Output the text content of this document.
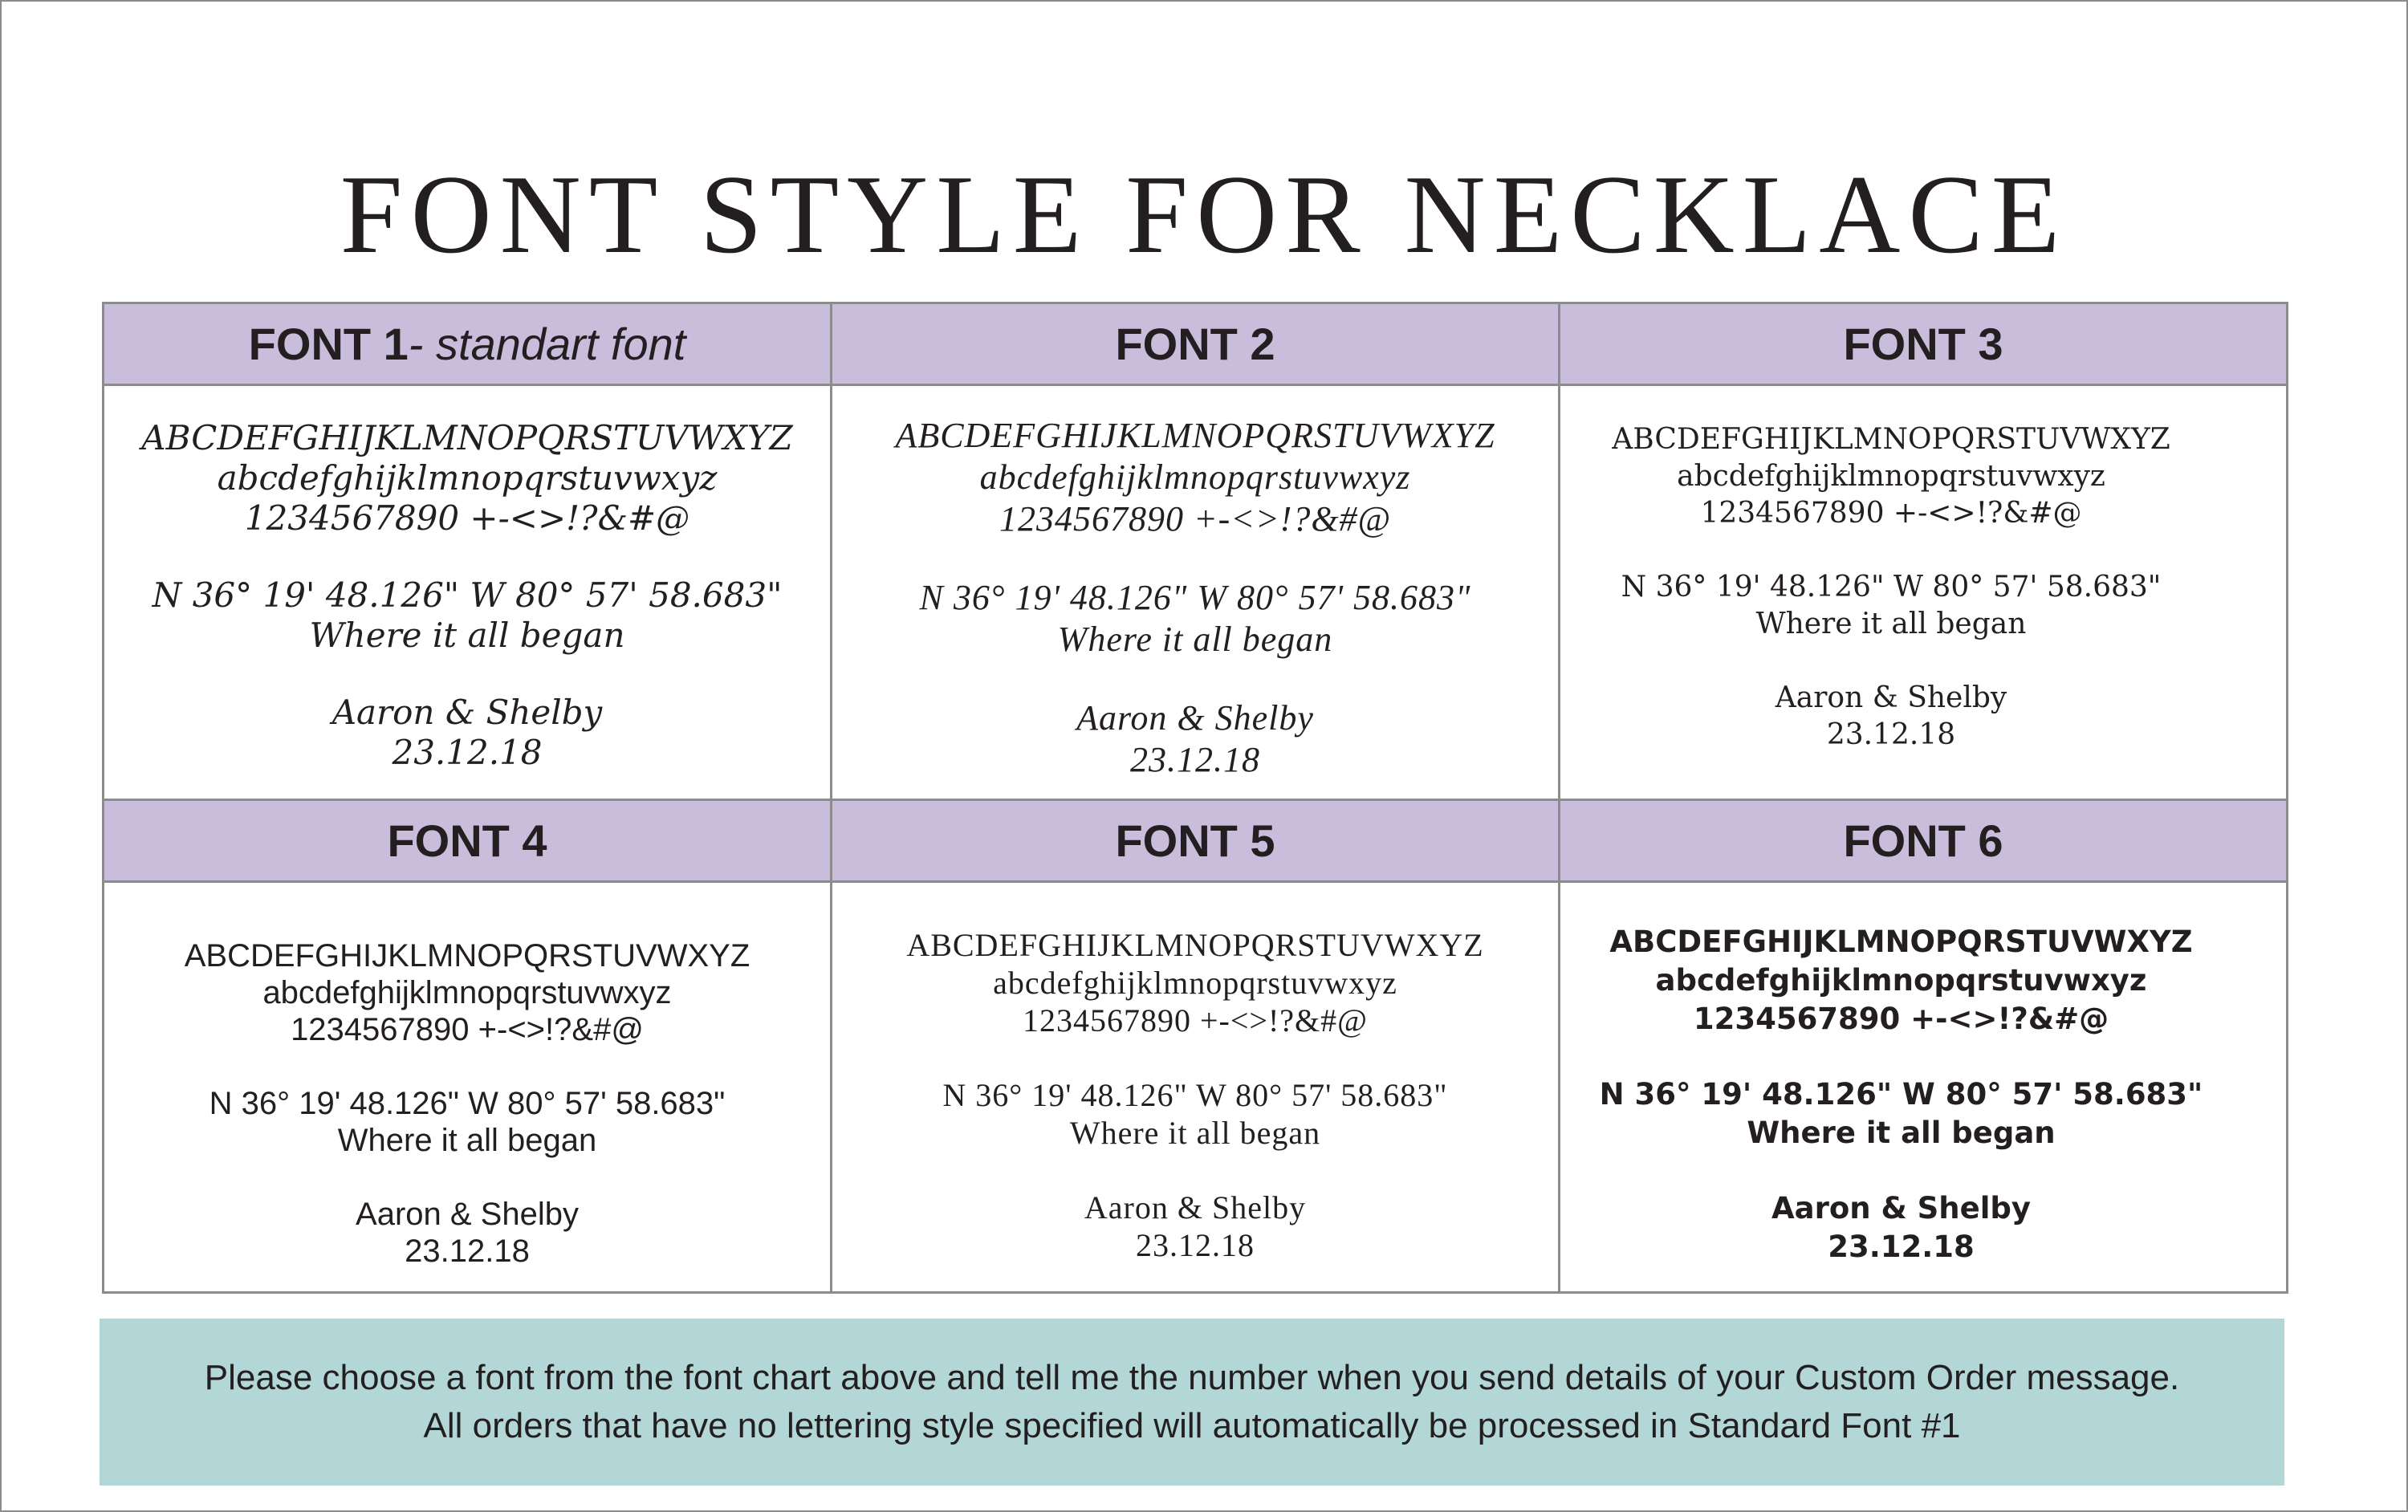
FONT STYLE FOR NECKLACE
FONT 1 - standart font
ABCDEFGHIJKLMNOPQRSTUVWXYZ
abcdefghijklmnopqrstuvwxyz
1234567890 +-<>!?&#@
N 36° 19' 48.126" W 80° 57' 58.683"
Where it all began
Aaron & Shelby
23.12.18
FONT 2
ABCDEFGHIJKLMNOPQRSTUVWXYZ
abcdefghijklmnopqrstuvwxyz
1234567890 +-<>!?&#@
N 36° 19' 48.126" W 80° 57' 58.683"
Where it all began
Aaron & Shelby
23.12.18
FONT 3
ABCDEFGHIJKLMNOPQRSTUVWXYZ
abcdefghijklmnopqrstuvwxyz
1234567890 +-<>!?&#@
N 36° 19' 48.126" W 80° 57' 58.683"
Where it all began
Aaron & Shelby
23.12.18
FONT 4
ABCDEFGHIJKLMNOPQRSTUVWXYZ
abcdefghijklmnopqrstuvwxyz
1234567890 +-<>!?&#@
N 36° 19' 48.126" W 80° 57' 58.683"
Where it all began
Aaron & Shelby
23.12.18
FONT 5
ABCDEFGHIJKLMNOPQRSTUVWXYZ
abcdefghijklmnopqrstuvwxyz
1234567890 +-<>!?&#@
N 36° 19' 48.126" W 80° 57' 58.683"
Where it all began
Aaron & Shelby
23.12.18
FONT 6
ABCDEFGHIJKLMNOPQRSTUVWXYZ
abcdefghijklmnopqrstuvwxyz
1234567890 +-<>!?&#@
N 36° 19' 48.126" W 80° 57' 58.683"
Where it all began
Aaron & Shelby
23.12.18
Please choose a font from the font chart above and tell me the number when you send details of your Custom Order message.
All orders that have no lettering style specified will automatically be processed in Standard Font #1
